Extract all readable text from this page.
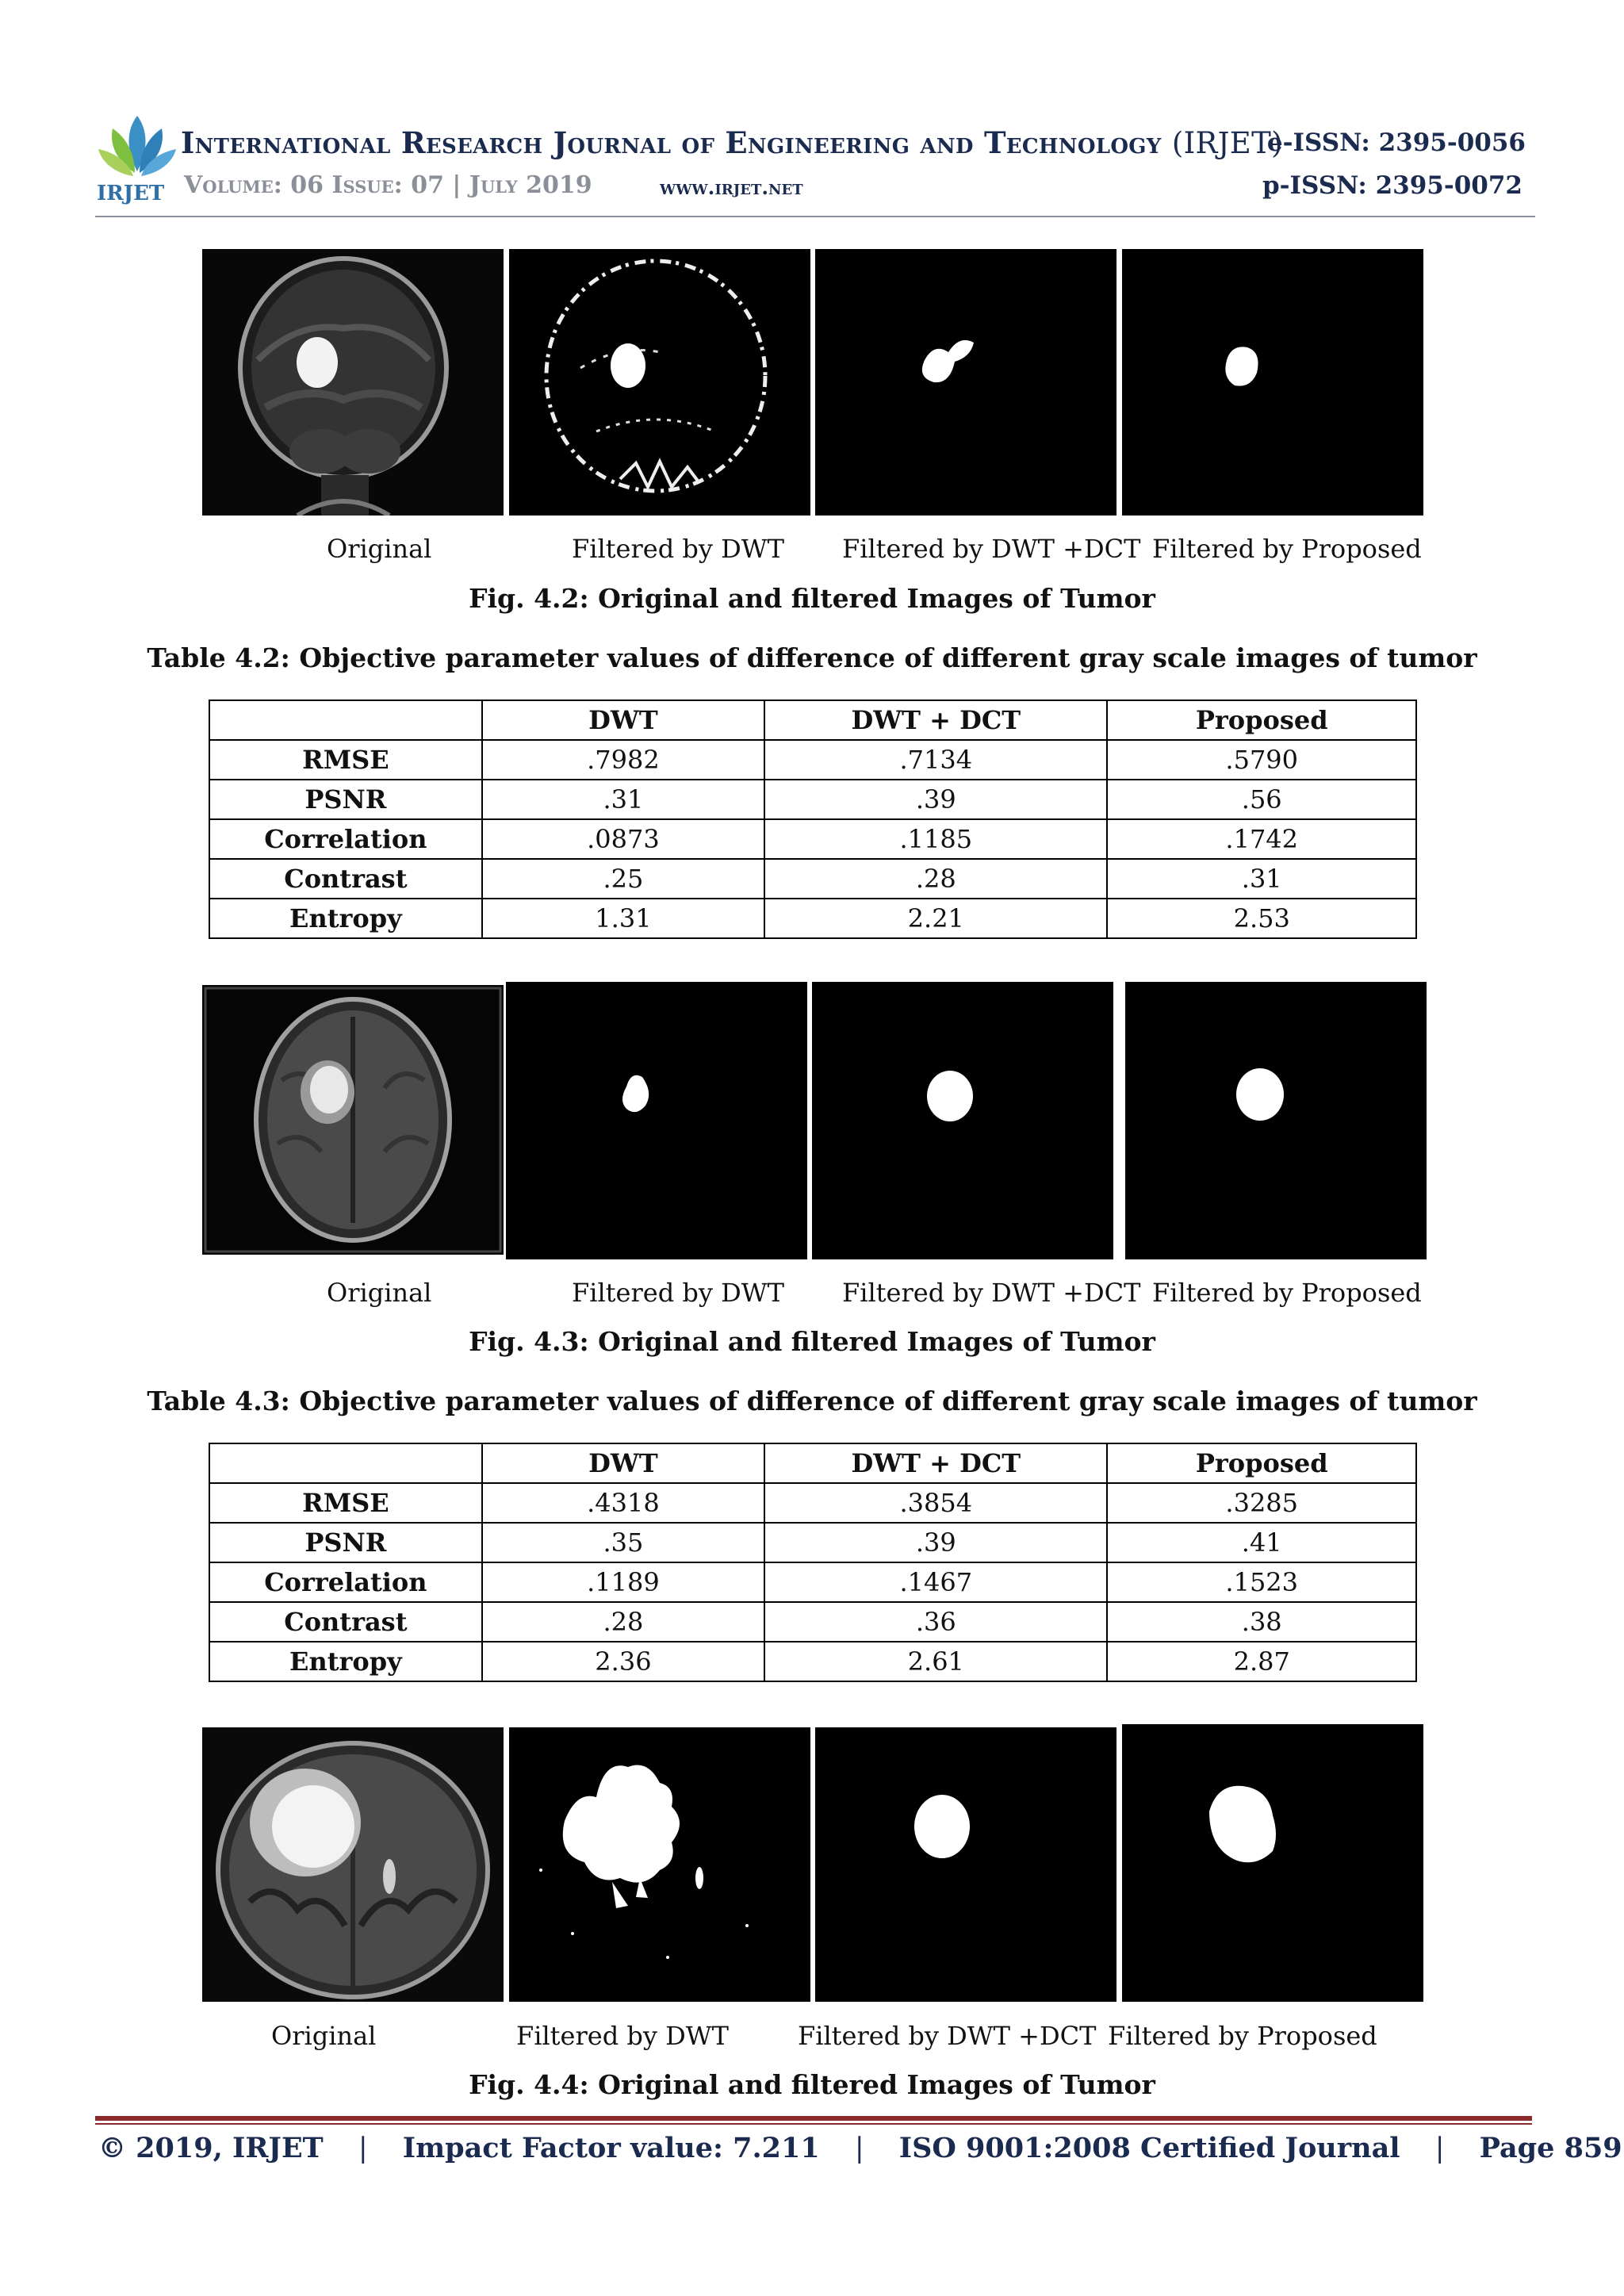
IRJET
International Research Journal of Engineering and Technology (IRJET)
Volume: 06 Issue: 07 | July 2019	www.irjet.net
e-ISSN: 2395-0056
p-ISSN: 2395-0072
Original	Filtered by DWT Filtered by DWT +DCT Filtered by Proposed
Fig. 4.2: Original and filtered Images of Tumor
Table 4.2: Objective parameter values of difference of different gray scale images of tumor
	DWT	DWT + DCT	Proposed
RMSE	.7982	.7134	.5790
PSNR	.31	.39	.56
Correlation	.0873	.1185	.1742
Contrast	.25	.28	.31
Entropy	1.31	2.21	2.53
Original	Filtered by DWT Filtered by DWT +DCT Filtered by Proposed
Fig. 4.3: Original and filtered Images of Tumor
Table 4.3: Objective parameter values of difference of different gray scale images of tumor
	DWT	DWT + DCT	Proposed
RMSE	.4318	.3854	.3285
PSNR	.35	.39	.41
Correlation	.1189	.1467	.1523
Contrast	.28	.36	.38
Entropy	2.36	2.61	2.87
Original	Filtered by DWT	Filtered by DWT +DCT Filtered by Proposed
Fig. 4.4: Original and filtered Images of Tumor
© 2019, IRJET | Impact Factor value: 7.211 | ISO 9001:2008 Certified Journal | Page 859
